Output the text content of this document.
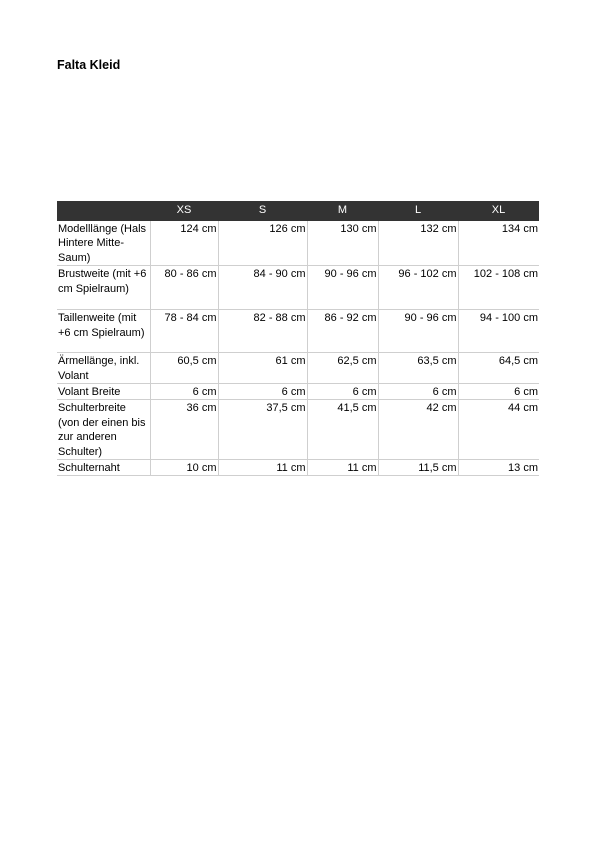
Falta Kleid
	XS	S	M	L	XL
Modelllänge (Hals Hintere Mitte-Saum)	124 cm	126 cm	130 cm	132 cm	134 cm
Brustweite (mit +6 cm Spielraum)	80 - 86 cm	84 - 90 cm	90 - 96 cm	96 - 102 cm	102 - 108 cm
Taillenweite (mit +6 cm Spielraum)	78 - 84 cm	82 - 88 cm	86 - 92 cm	90 - 96 cm	94 - 100 cm
Ärmellänge, inkl. Volant	60,5 cm	61 cm	62,5 cm	63,5 cm	64,5 cm
Volant Breite	6 cm	6 cm	6 cm	6 cm	6 cm
Schulterbreite (von der einen bis zur anderen Schulter)	36 cm	37,5 cm	41,5 cm	42 cm	44 cm
Schulternaht	10 cm	11 cm	11 cm	11,5 cm	13 cm
